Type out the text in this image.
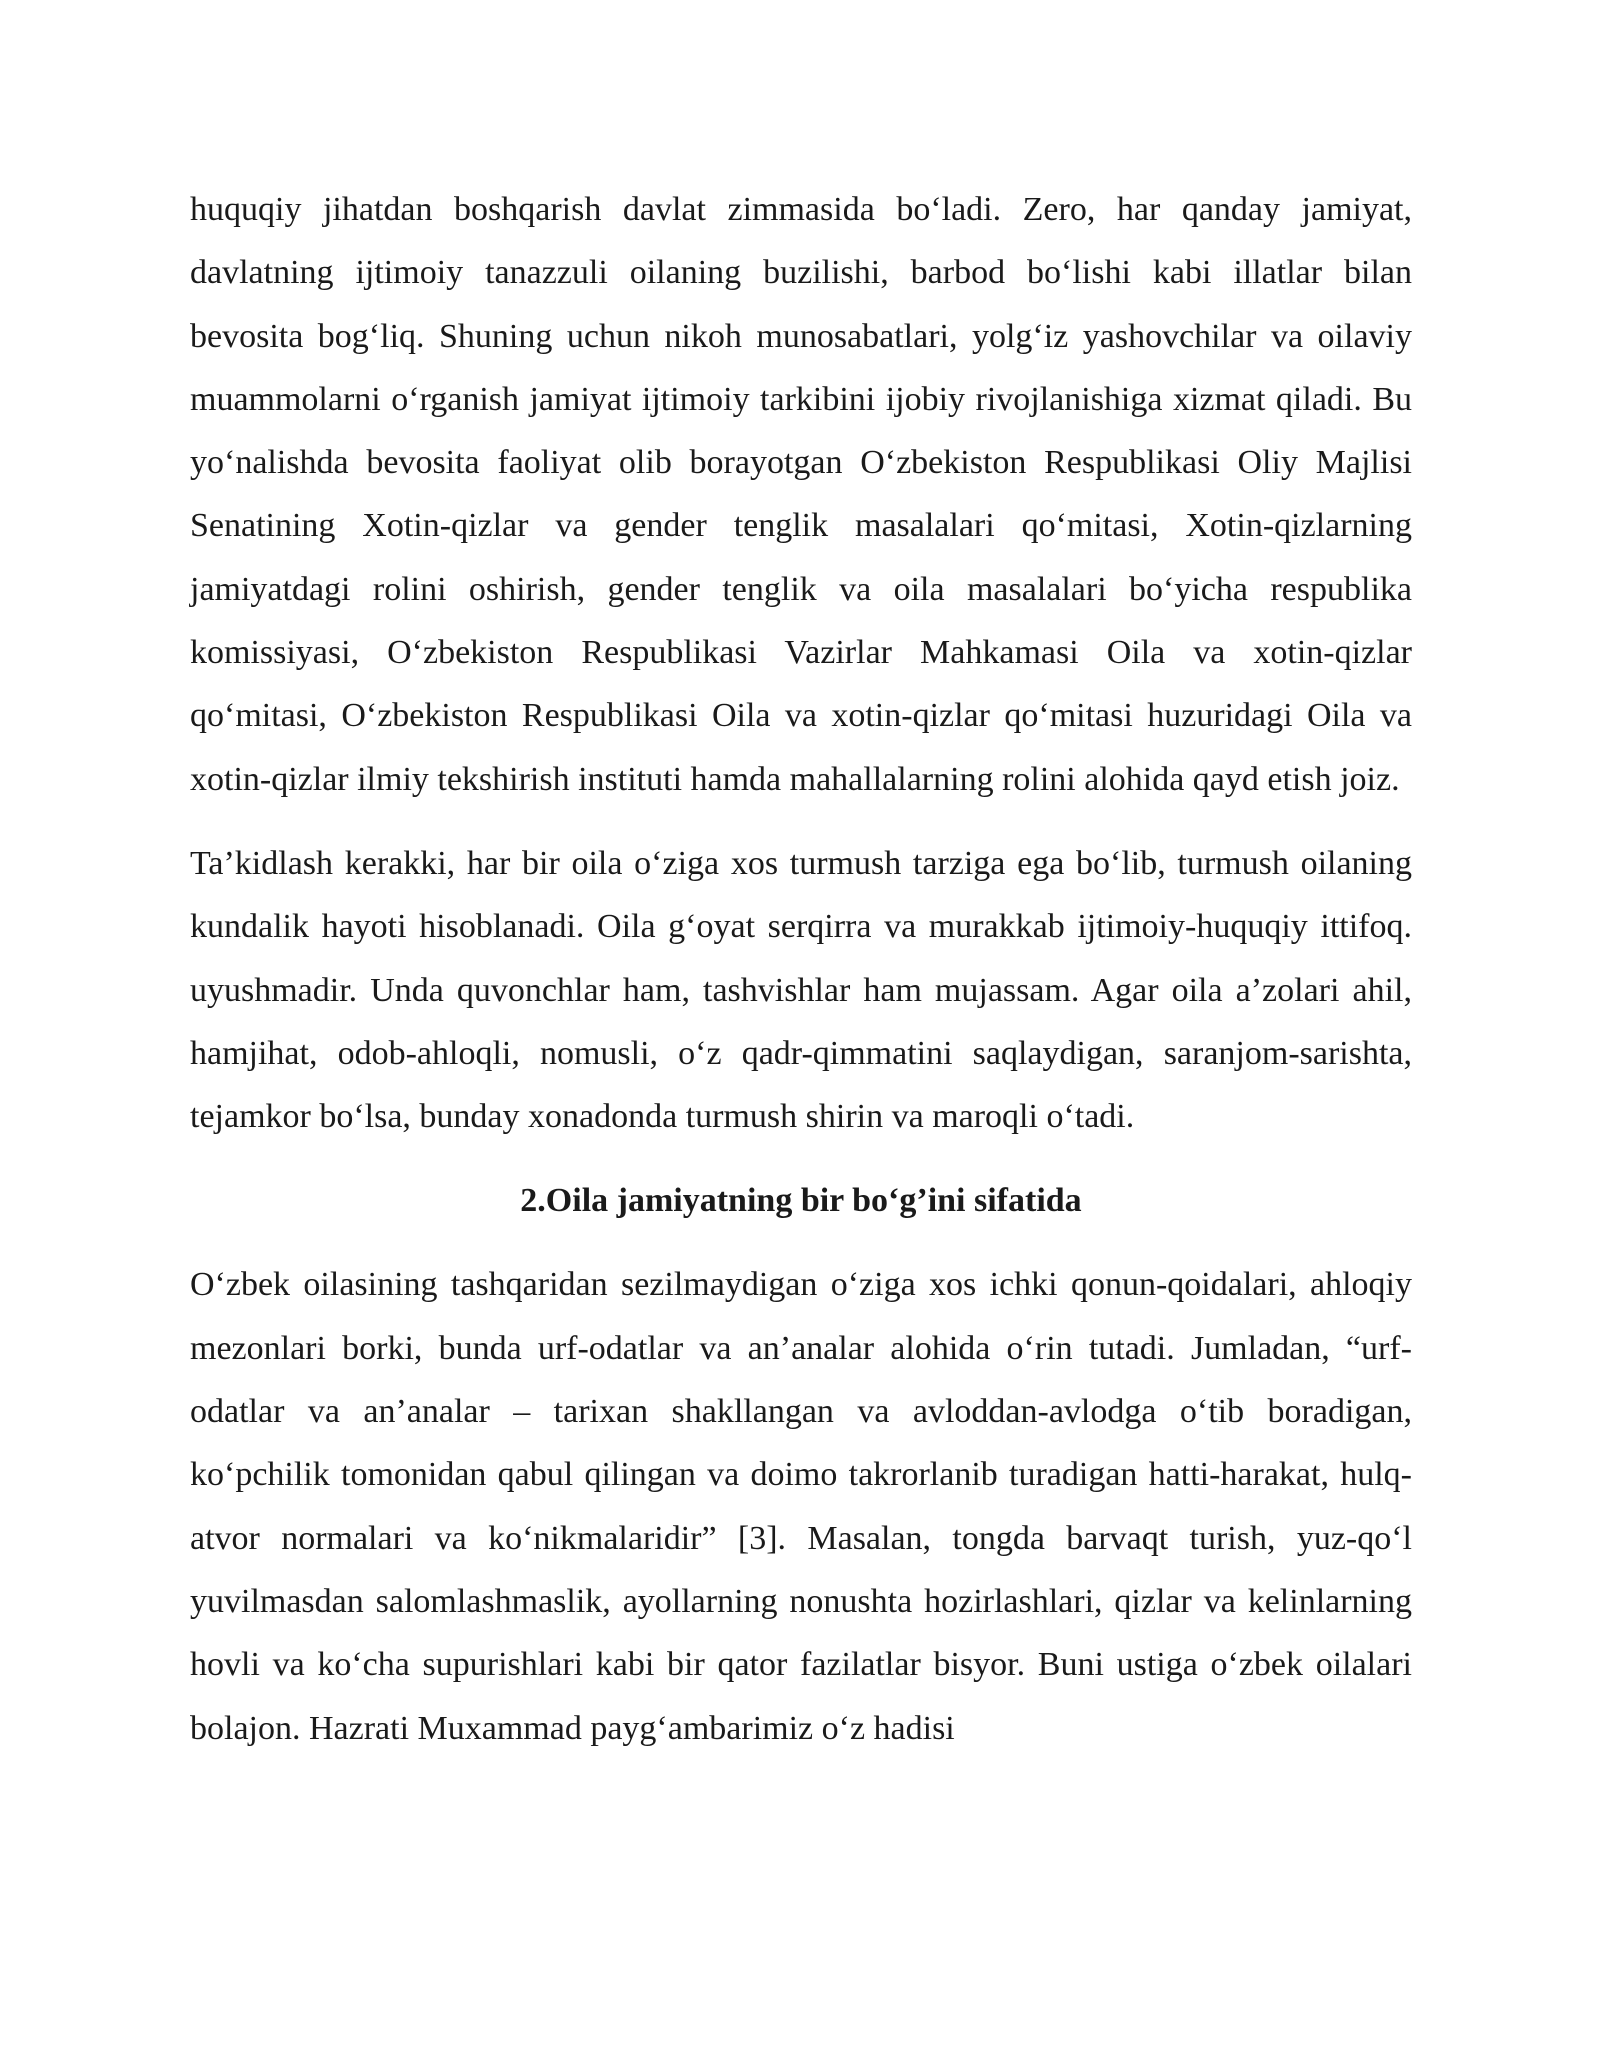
huquqiy jihatdan boshqarish davlat zimmasida boʻladi. Zero, har qanday jamiyat, davlatning ijtimoiy tanazzuli oilaning buzilishi, barbod boʻlishi kabi illatlar bilan bevosita bogʻliq. Shuning uchun nikoh munosabatlari, yolgʻiz yashovchilar va oilaviy muammolarni oʻrganish jamiyat ijtimoiy tarkibini ijobiy rivojlanishiga xizmat qiladi. Bu yoʻnalishda bevosita faoliyat olib borayotgan Oʻzbekiston Respublikasi Oliy Majlisi Senatining Xotin-qizlar va gender tenglik masalalari qoʻmitasi, Xotin-qizlarning jamiyatdagi rolini oshirish, gender tenglik va oila masalalari boʻyicha respublika komissiyasi, Oʻzbekiston Respublikasi Vazirlar Mahkamasi Oila va xotin-qizlar qoʻmitasi, Oʻzbekiston Respublikasi Oila va xotin-qizlar qoʻmitasi huzuridagi Oila va xotin-qizlar ilmiy tekshirish instituti hamda mahallalarning rolini alohida qayd etish joiz.

Ta’kidlash kerakki, har bir oila oʻziga xos turmush tarziga ega boʻlib, turmush oilaning kundalik hayoti hisoblanadi. Oila gʻoyat serqirra va murakkab ijtimoiy-huquqiy ittifoq. uyushmadir. Unda quvonchlar ham, tashvishlar ham mujassam. Agar oila a’zolari ahil, hamjihat, odob-ahloqli, nomusli, oʻz qadr-qimmatini saqlaydigan, saranjom-sarishta, tejamkor boʻlsa, bunday xonadonda turmush shirin va maroqli oʻtadi.

2.Oila jamiyatning bir boʻg’ini sifatida

Oʻzbek oilasining tashqaridan sezilmaydigan oʻziga xos ichki qonun-qoidalari, ahloqiy mezonlari borki, bunda urf-odatlar va an’analar alohida oʻrin tutadi. Jumladan, “urf-odatlar va an’analar – tarixan shakllangan va avloddan-avlodga oʻtib boradigan, koʻpchilik tomonidan qabul qilingan va doimo takrorlanib turadigan hatti-harakat, hulq-atvor normalari va koʻnikmalaridir” [3]. Masalan, tongda barvaqt turish, yuz-qoʻl yuvilmasdan salomlashmaslik, ayollarning nonushta hozirlashlari, qizlar va kelinlarning hovli va koʻcha supurishlari kabi bir qator fazilatlar bisyor. Buni ustiga oʻzbek oilalari bolajon. Hazrati Muxammad paygʻambarimiz oʻz hadisi
